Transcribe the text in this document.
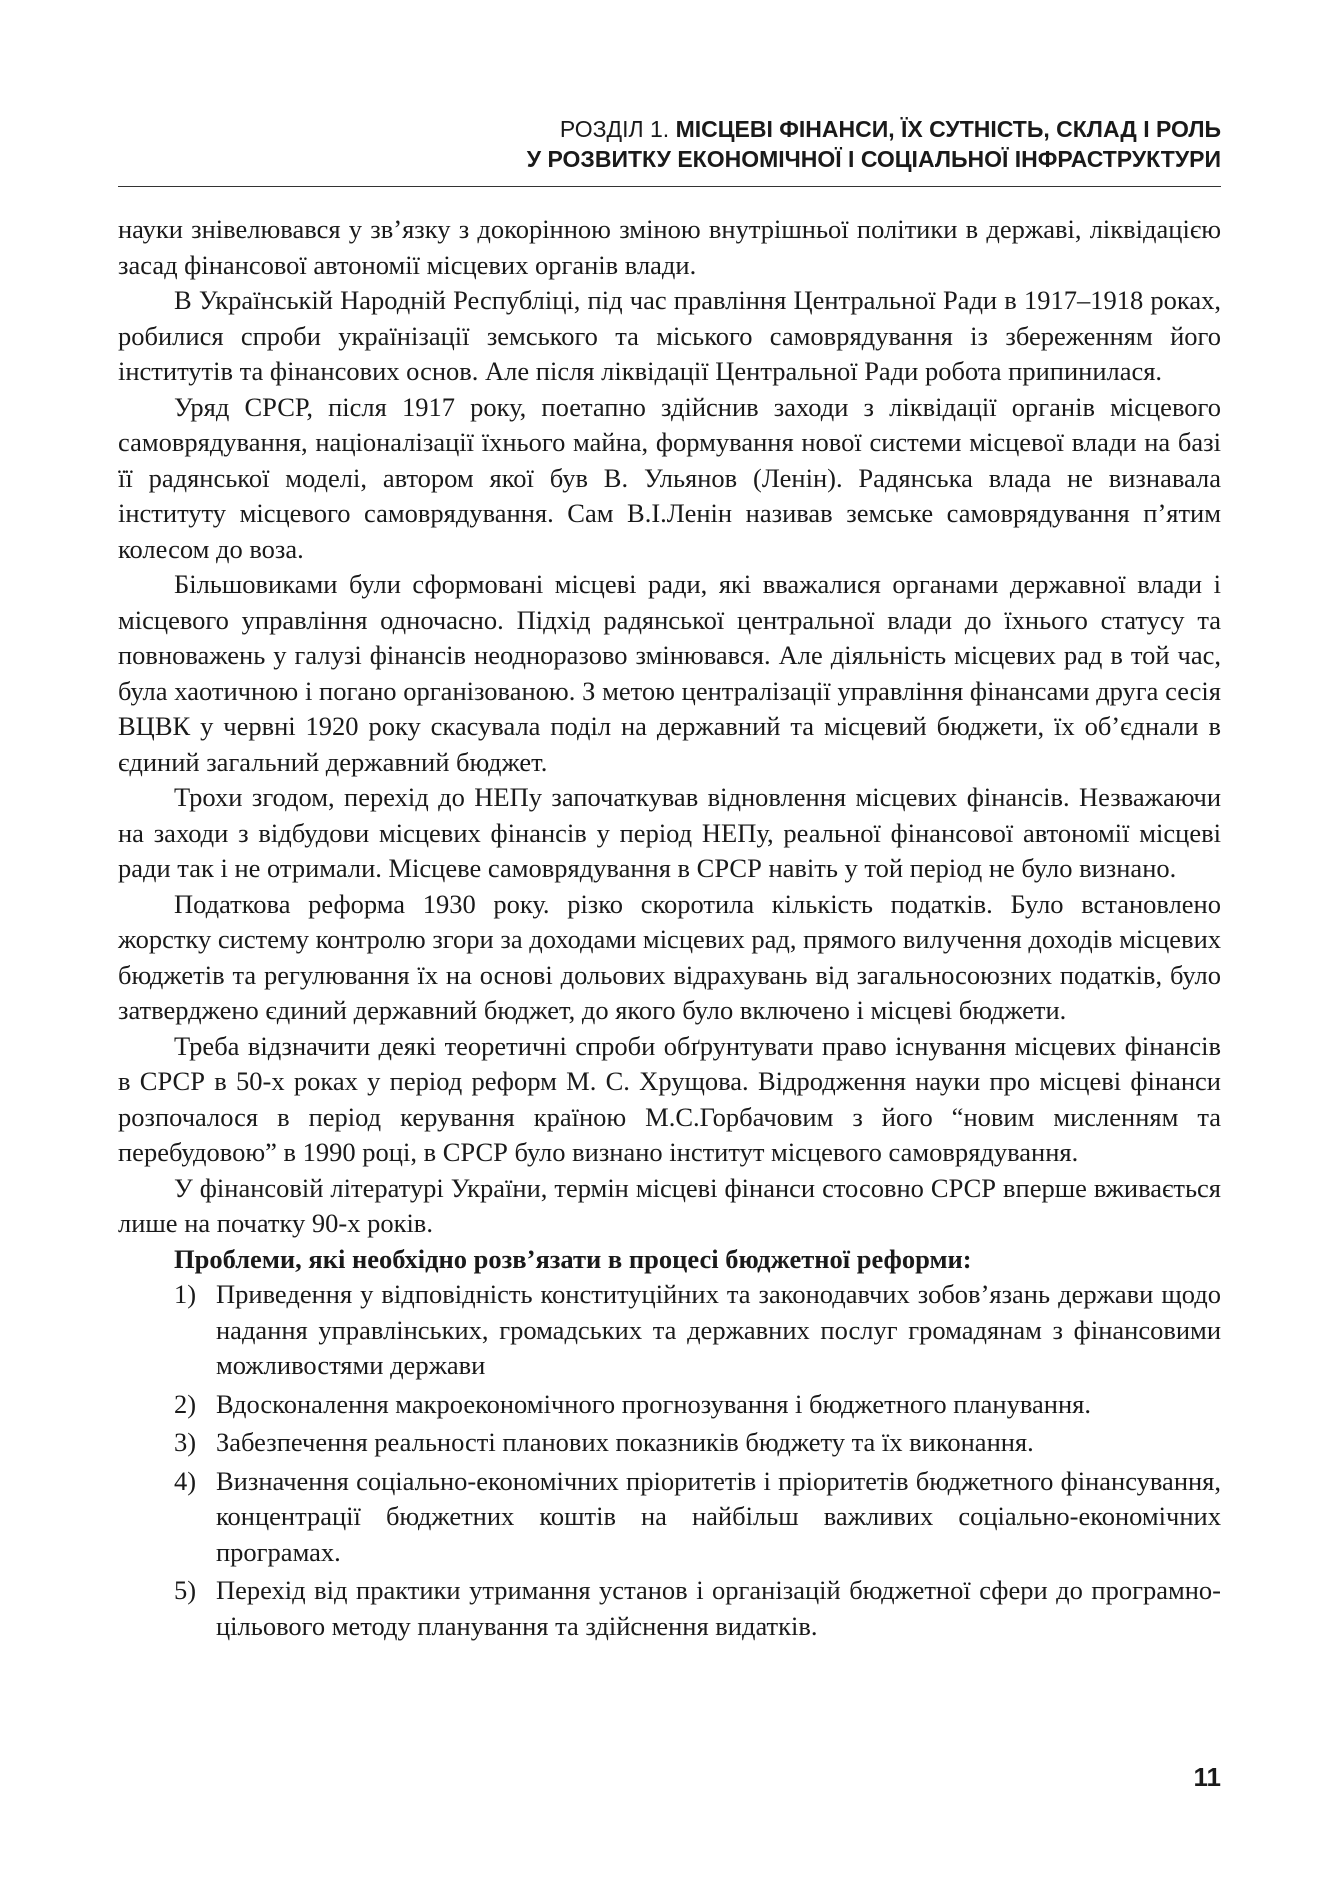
РОЗДІЛ 1. МІСЦЕВІ ФІНАНСИ, ЇХ СУТНІСТЬ, СКЛАД І РОЛЬ
У РОЗВИТКУ ЕКОНОМІЧНОЇ І СОЦІАЛЬНОЇ ІНФРАСТРУКТУРИ

науки знівелювався у зв’язку з докорінною зміною внутрішньої політики в державі, ліквідацією засад фінансової автономії місцевих органів влади.

В Українській Народній Республіці, під час правління Центральної Ради в 1917–1918 роках, робилися спроби українізації земського та міського самоврядування із збереженням його інститутів та фінансових основ. Але після ліквідації Центральної Ради робота припинилася.

Уряд СРСР, після 1917 року, поетапно здійснив заходи з ліквідації органів місцевого самоврядування, націоналізації їхнього майна, формування нової системи місцевої влади на базі її радянської моделі, автором якої був В. Ульянов (Ленін). Радянська влада не визнавала інституту місцевого самоврядування. Сам В.І.Ленін називав земське самоврядування п’ятим колесом до воза.

Більшовиками були сформовані місцеві ради, які вважалися органами державної влади і місцевого управління одночасно. Підхід радянської центральної влади до їхнього статусу та повноважень у галузі фінансів неодноразово змінювався. Але діяльність місцевих рад в той час, була хаотичною і погано організованою. З метою централізації управління фінансами друга сесія ВЦВК у червні 1920 року скасувала поділ на державний та місцевий бюджети, їх об’єднали в єдиний загальний державний бюджет.

Трохи згодом, перехід до НЕПу започаткував відновлення місцевих фінансів. Незважаючи на заходи з відбудови місцевих фінансів у період НЕПу, реальної фінансової автономії місцеві ради так і не отримали. Місцеве самоврядування в СРСР навіть у той період не було визнано.

Податкова реформа 1930 року. різко скоротила кількість податків. Було встановлено жорстку систему контролю згори за доходами місцевих рад, прямого вилучення доходів місцевих бюджетів та регулювання їх на основі дольових відрахувань від загальносоюзних податків, було затверджено єдиний державний бюджет, до якого було включено і місцеві бюджети.

Треба відзначити деякі теоретичні спроби обґрунтувати право існування місцевих фінансів в СРСР в 50-х роках у період реформ М. С. Хрущова. Відродження науки про місцеві фінанси розпочалося в період керування країною М.С.Горбачовим з його “новим мисленням та перебудовою” в 1990 році, в СРСР було визнано інститут місцевого самоврядування.

У фінансовій літературі України, термін місцеві фінанси стосовно СРСР вперше вживається лише на початку 90-х років.

Проблеми, які необхідно розв’язати в процесі бюджетної реформи:

1) Приведення у відповідність конституційних та законодавчих зобов’язань держави щодо надання управлінських, громадських та державних послуг громадянам з фінансовими можливостями держави
2) Вдосконалення макроекономічного прогнозування і бюджетного планування.
3) Забезпечення реальності планових показників бюджету та їх виконання.
4) Визначення соціально-економічних пріоритетів і пріоритетів бюджетного фінансування, концентрації бюджетних коштів на найбільш важливих соціально-економічних програмах.
5) Перехід від практики утримання установ і організацій бюджетної сфери до програмно-цільового методу планування та здійснення видатків.
11
